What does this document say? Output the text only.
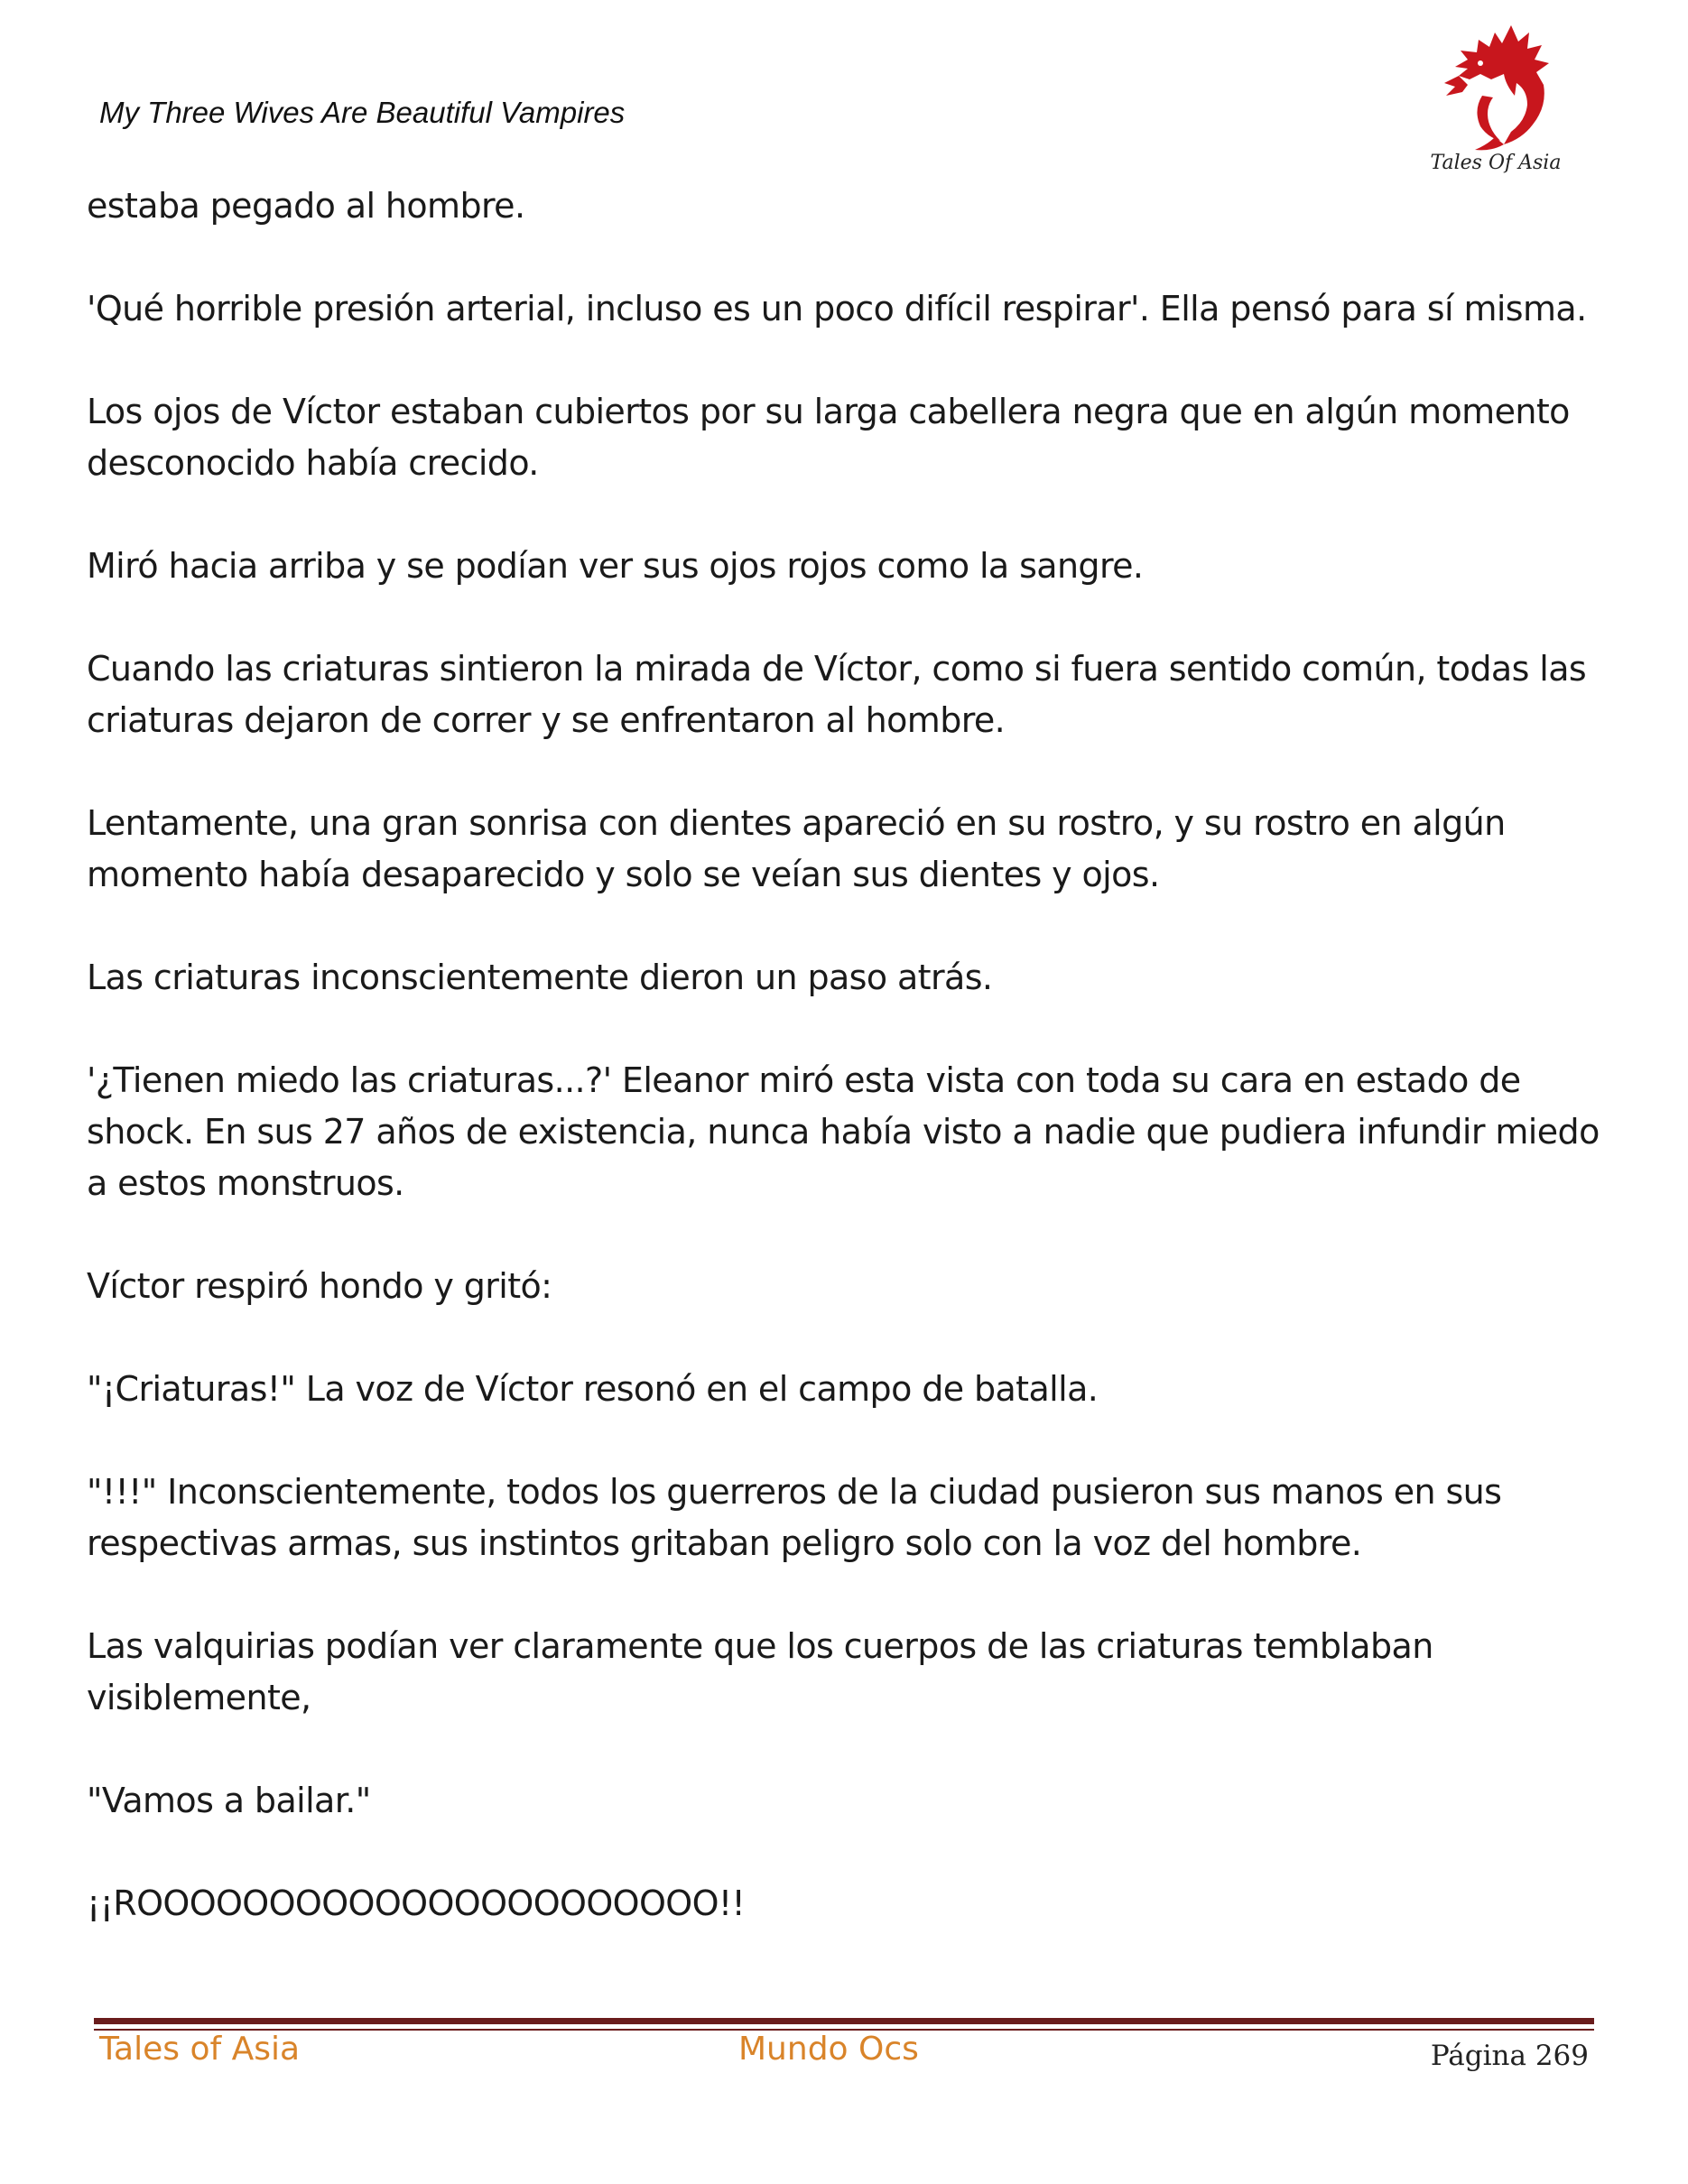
My Three Wives Are Beautiful Vampires
Tales Of Asia

estaba pegado al hombre.

'Qué horrible presión arterial, incluso es un poco difícil respirar'. Ella pensó para sí misma.

Los ojos de Víctor estaban cubiertos por su larga cabellera negra que en algún momento desconocido había crecido.

Miró hacia arriba y se podían ver sus ojos rojos como la sangre.

Cuando las criaturas sintieron la mirada de Víctor, como si fuera sentido común, todas las criaturas dejaron de correr y se enfrentaron al hombre.

Lentamente, una gran sonrisa con dientes apareció en su rostro, y su rostro en algún momento había desaparecido y solo se veían sus dientes y ojos.

Las criaturas inconscientemente dieron un paso atrás.

'¿Tienen miedo las criaturas...?' Eleanor miró esta vista con toda su cara en estado de shock. En sus 27 años de existencia, nunca había visto a nadie que pudiera infundir miedo a estos monstruos.

Víctor respiró hondo y gritó:

"¡Criaturas!" La voz de Víctor resonó en el campo de batalla.

"!!!" Inconscientemente, todos los guerreros de la ciudad pusieron sus manos en sus respectivas armas, sus instintos gritaban peligro solo con la voz del hombre.

Las valquirias podían ver claramente que los cuerpos de las criaturas temblaban visiblemente,

"Vamos a bailar."

¡¡ROOOOOOOOOOOOOOOOOOOOOO!!

Tales of Asia	Mundo Ocs	Página 269
